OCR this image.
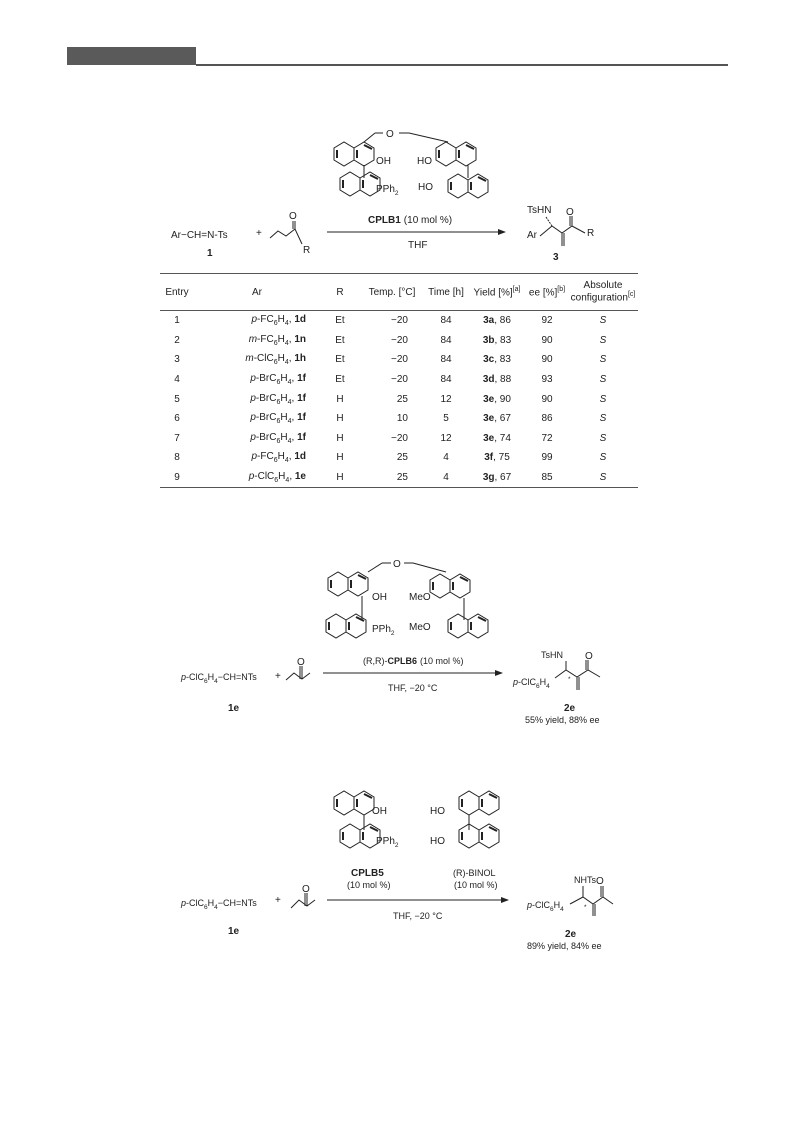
O
OH	HO
PPh$_2$
HO
Ar−CH=N-Ts	+
O
R
1
CPLB1 (10 mol %)
THF
TsHN O
Ar	R
3
O
OH MeO
PPh$_2$
MeO
$p-ClC_6H_4-CH=NTs$ +
O	(R,R)-CPLB6 (10 mol %)
THF, −20 °C
1e
TsHN O
$p-ClC_6H_4$
*
2e
55% yield, 88% ee
OH
PPh$_2$
HO
HO
CPLB5
(10 mol %)
(R)-BINOL
(10 mol %)
$p-ClC_6H_4-CH=NTs$ +
O
THF, −20 °C
1e
NHTs O
$p-ClC_6H_4$	*
2e
89% yield, 84% ee
Entry	Ar	R	Temp. [°C]	Time [h]	Yield [%][a]	ee [%][b]	Absolute configuration[c]
1	$p-FC_6H_4$, 1d	Et	−20	84	3a, 86	92	S
2	$m-FC_6H_4$, 1n	Et	−20	84	3b, 83	90	S
3	$m-ClC_6H_4$, 1h	Et	−20	84	3c, 83	90	S
4	$p-BrC_6H_4$, 1f	Et	−20	84	3d, 88	93	S
5	$p-BrC_6H_4$, 1f	H	25	12	3e, 90	90	S
6	$p-BrC_6H_4$, 1f	H	10	5	3e, 67	86	S
7	$p-BrC_6H_4$, 1f	H	−20	12	3e, 74	72	S
8	$p-FC_6H_4$, 1d	H	25	4	3f, 75	99	S
9	$p-ClC_6H_4$, 1e	H	25	4	3g, 67	85	S
